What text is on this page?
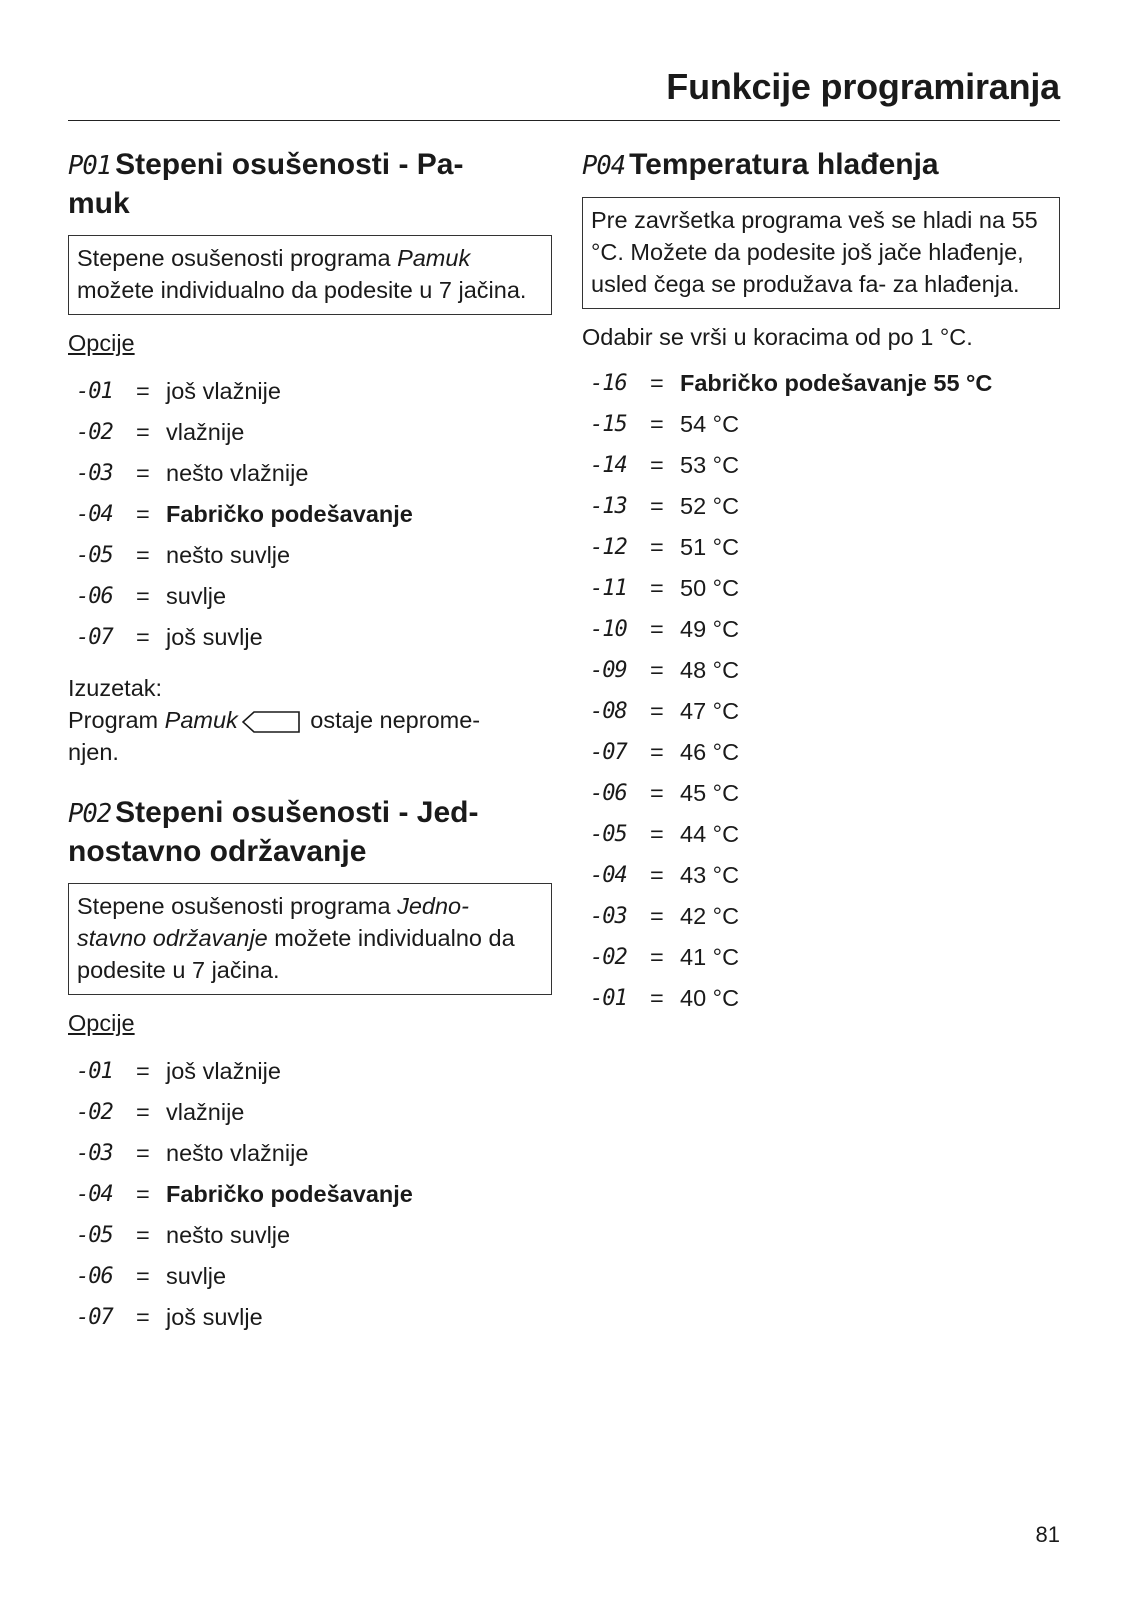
Funkcije programiranja
P01 Stepeni osušenosti - Pa-
muk
Stepene osušenosti programa Pamuk možete individualno da podesite u 7 jačina.
Opcije
-01 = još vlažnije
-02 = vlažnije
-03 = nešto vlažnije
-04 = Fabričko podešavanje
-05 = nešto suvlje
-06 = suvlje
-07 = još suvlje
Izuzetak:
Program Pamuk	ostaje neprome-
njen.
P02 Stepeni osušenosti - Jed-
nostavno održavanje
Stepene osušenosti programa Jedno-
stavno održavanje možete individualno da podesite u 7 jačina.
Opcije
-01 = još vlažnije
-02 = vlažnije
-03 = nešto vlažnije
-04 = Fabričko podešavanje
-05 = nešto suvlje
-06 = suvlje
-07 = još suvlje
P04 Temperatura hlađenja
Pre završetka programa veš se hladi na 55 °C. Možete da podesite još jače hlađenje, usled čega se produžava fa- za hlađenja.
Odabir se vrši u koracima od po 1 °C.
-16 = Fabričko podešavanje 55 °C
-15 = 54 °C
-14 = 53 °C
-13 = 52 °C
-12 = 51 °C
-11 = 50 °C
-10 = 49 °C
-09 = 48 °C
-08 = 47 °C
-07 = 46 °C
-06 = 45 °C
-05 = 44 °C
-04 = 43 °C
-03 = 42 °C
-02 = 41 °C
-01 = 40 °C
81
